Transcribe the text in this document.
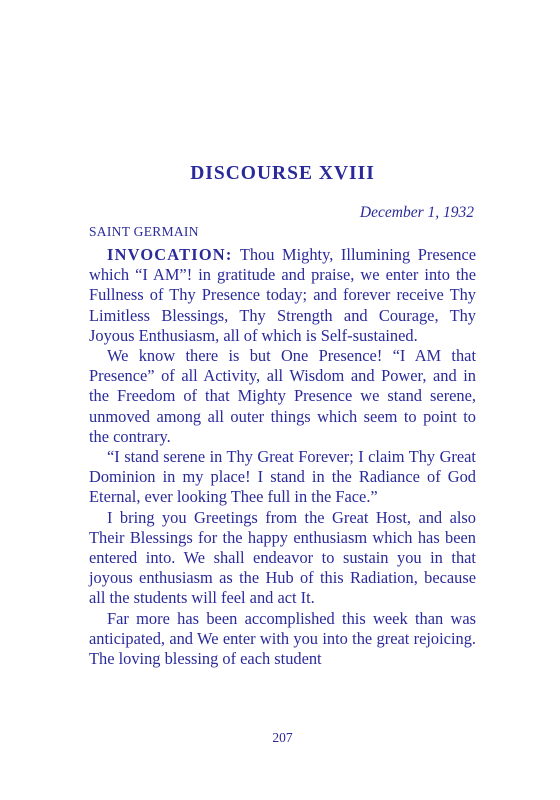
DISCOURSE XVIII
December 1, 1932
SAINT GERMAIN

INVOCATION: Thou Mighty, Illumining Presence which “I AM”! in gratitude and praise, we enter into the Fullness of Thy Presence today; and forever receive Thy Limitless Blessings, Thy Strength and Courage, Thy Joyous Enthusiasm, all of which is Self-sustained.

We know there is but One Presence! “I AM that Presence” of all Activity, all Wisdom and Power, and in the Freedom of that Mighty Presence we stand serene, unmoved among all outer things which seem to point to the contrary.

“I stand serene in Thy Great Forever; I claim Thy Great Dominion in my place! I stand in the Radiance of God Eternal, ever looking Thee full in the Face.”

I bring you Greetings from the Great Host, and also Their Blessings for the happy enthusiasm which has been entered into. We shall endeavor to sustain you in that joyous enthusiasm as the Hub of this Radiation, because all the students will feel and act It.

Far more has been accomplished this week than was anticipated, and We enter with you into the great rejoicing. The loving blessing of each student

207
